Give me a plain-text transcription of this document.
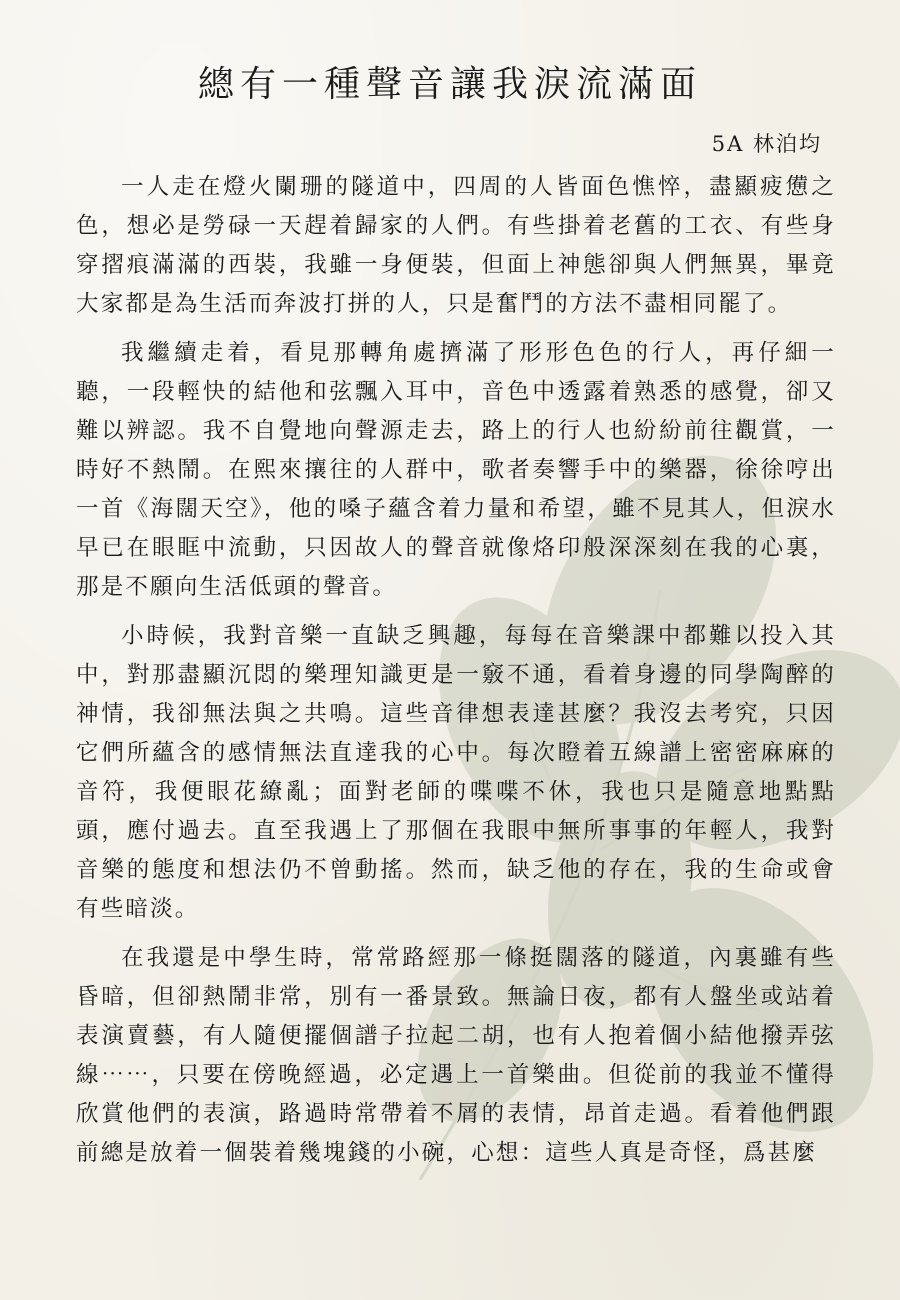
總有一種聲音讓我淚流滿面
5A 林泊均

一人走在燈火闌珊的隧道中，四周的人皆面色憔悴，盡顯疲憊之色，想必是勞碌一天趕着歸家的人們。有些掛着老舊的工衣、有些身穿摺痕滿滿的西裝，我雖一身便裝，但面上神態卻與人們無異，畢竟大家都是為生活而奔波打拼的人，只是奮鬥的方法不盡相同罷了。

我繼續走着，看見那轉角處擠滿了形形色色的行人，再仔細一聽，一段輕快的結他和弦飄入耳中，音色中透露着熟悉的感覺，卻又難以辨認。我不自覺地向聲源走去，路上的行人也紛紛前往觀賞，一時好不熱鬧。在熙來攘往的人群中，歌者奏響手中的樂器，徐徐哼出一首《海闊天空》，他的嗓子蘊含着力量和希望，雖不見其人，但淚水早已在眼眶中流動，只因故人的聲音就像烙印般深深刻在我的心裏，那是不願向生活低頭的聲音。

小時候，我對音樂一直缺乏興趣，每每在音樂課中都難以投入其中，對那盡顯沉悶的樂理知識更是一竅不通，看着身邊的同學陶醉的神情，我卻無法與之共鳴。這些音律想表達甚麼？我沒去考究，只因它們所蘊含的感情無法直達我的心中。每次瞪着五線譜上密密麻麻的音符，我便眼花繚亂；面對老師的喋喋不休，我也只是隨意地點點頭，應付過去。直至我遇上了那個在我眼中無所事事的年輕人，我對音樂的態度和想法仍不曾動搖。然而，缺乏他的存在，我的生命或會有些暗淡。

在我還是中學生時，常常路經那一條挺闊落的隧道，內裏雖有些昏暗，但卻熱鬧非常，別有一番景致。無論日夜，都有人盤坐或站着表演賣藝，有人隨便擺個譜子拉起二胡，也有人抱着個小結他撥弄弦線⋯⋯，只要在傍晚經過，必定遇上一首樂曲。但從前的我並不懂得欣賞他們的表演，路過時常帶着不屑的表情，昂首走過。看着他們跟前總是放着一個裝着幾塊錢的小碗，心想：這些人真是奇怪，爲甚麼
